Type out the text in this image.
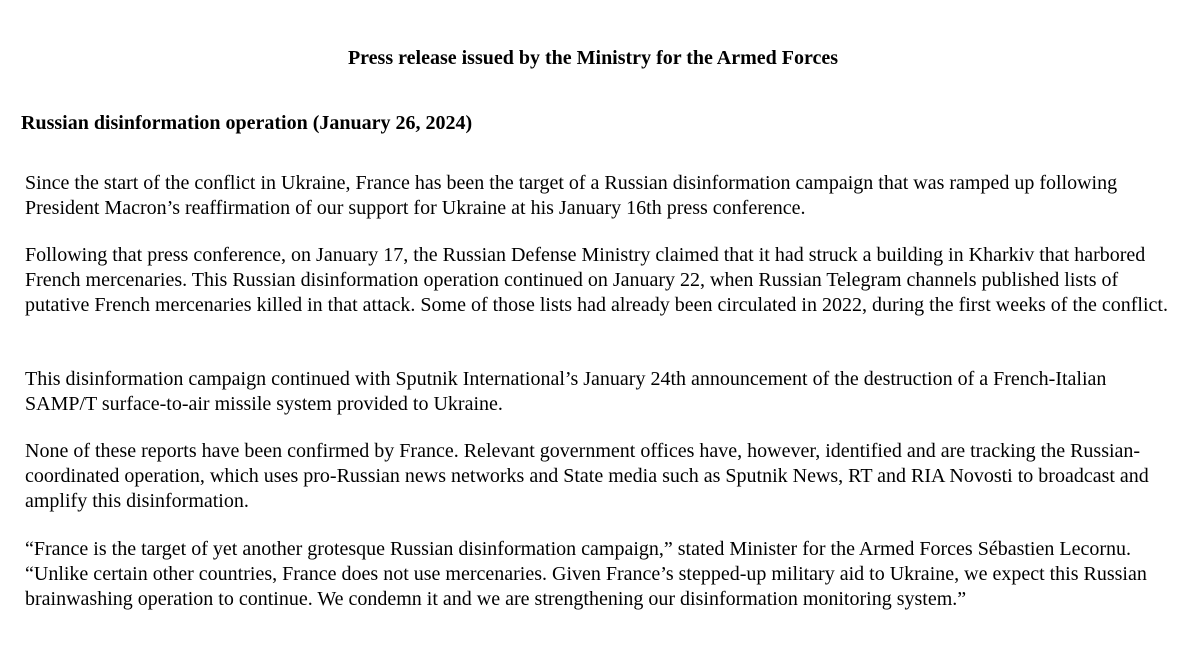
Press release issued by the Ministry for the Armed Forces
Russian disinformation operation (January 26, 2024)

Since the start of the conflict in Ukraine, France has been the target of a Russian disinformation campaign that was ramped up following President Macron’s reaffirmation of our support for Ukraine at his January 16th press conference.

Following that press conference, on January 17, the Russian Defense Ministry claimed that it had struck a building in Kharkiv that harbored French mercenaries. This Russian disinformation operation continued on January 22, when Russian Telegram channels published lists of putative French mercenaries killed in that attack. Some of those lists had already been circulated in 2022, during the first weeks of the conflict.

This disinformation campaign continued with Sputnik International’s January 24th announcement of the destruction of a French-Italian SAMP/T surface-to-air missile system provided to Ukraine.

None of these reports have been confirmed by France. Relevant government offices have, however, identified and are tracking the Russian-coordinated operation, which uses pro-Russian news networks and State media such as Sputnik News, RT and RIA Novosti to broadcast and amplify this disinformation.

“France is the target of yet another grotesque Russian disinformation campaign,” stated Minister for the Armed Forces Sébastien Lecornu. “Unlike certain other countries, France does not use mercenaries. Given France’s stepped-up military aid to Ukraine, we expect this Russian brainwashing operation to continue. We condemn it and we are strengthening our disinformation monitoring system.”
